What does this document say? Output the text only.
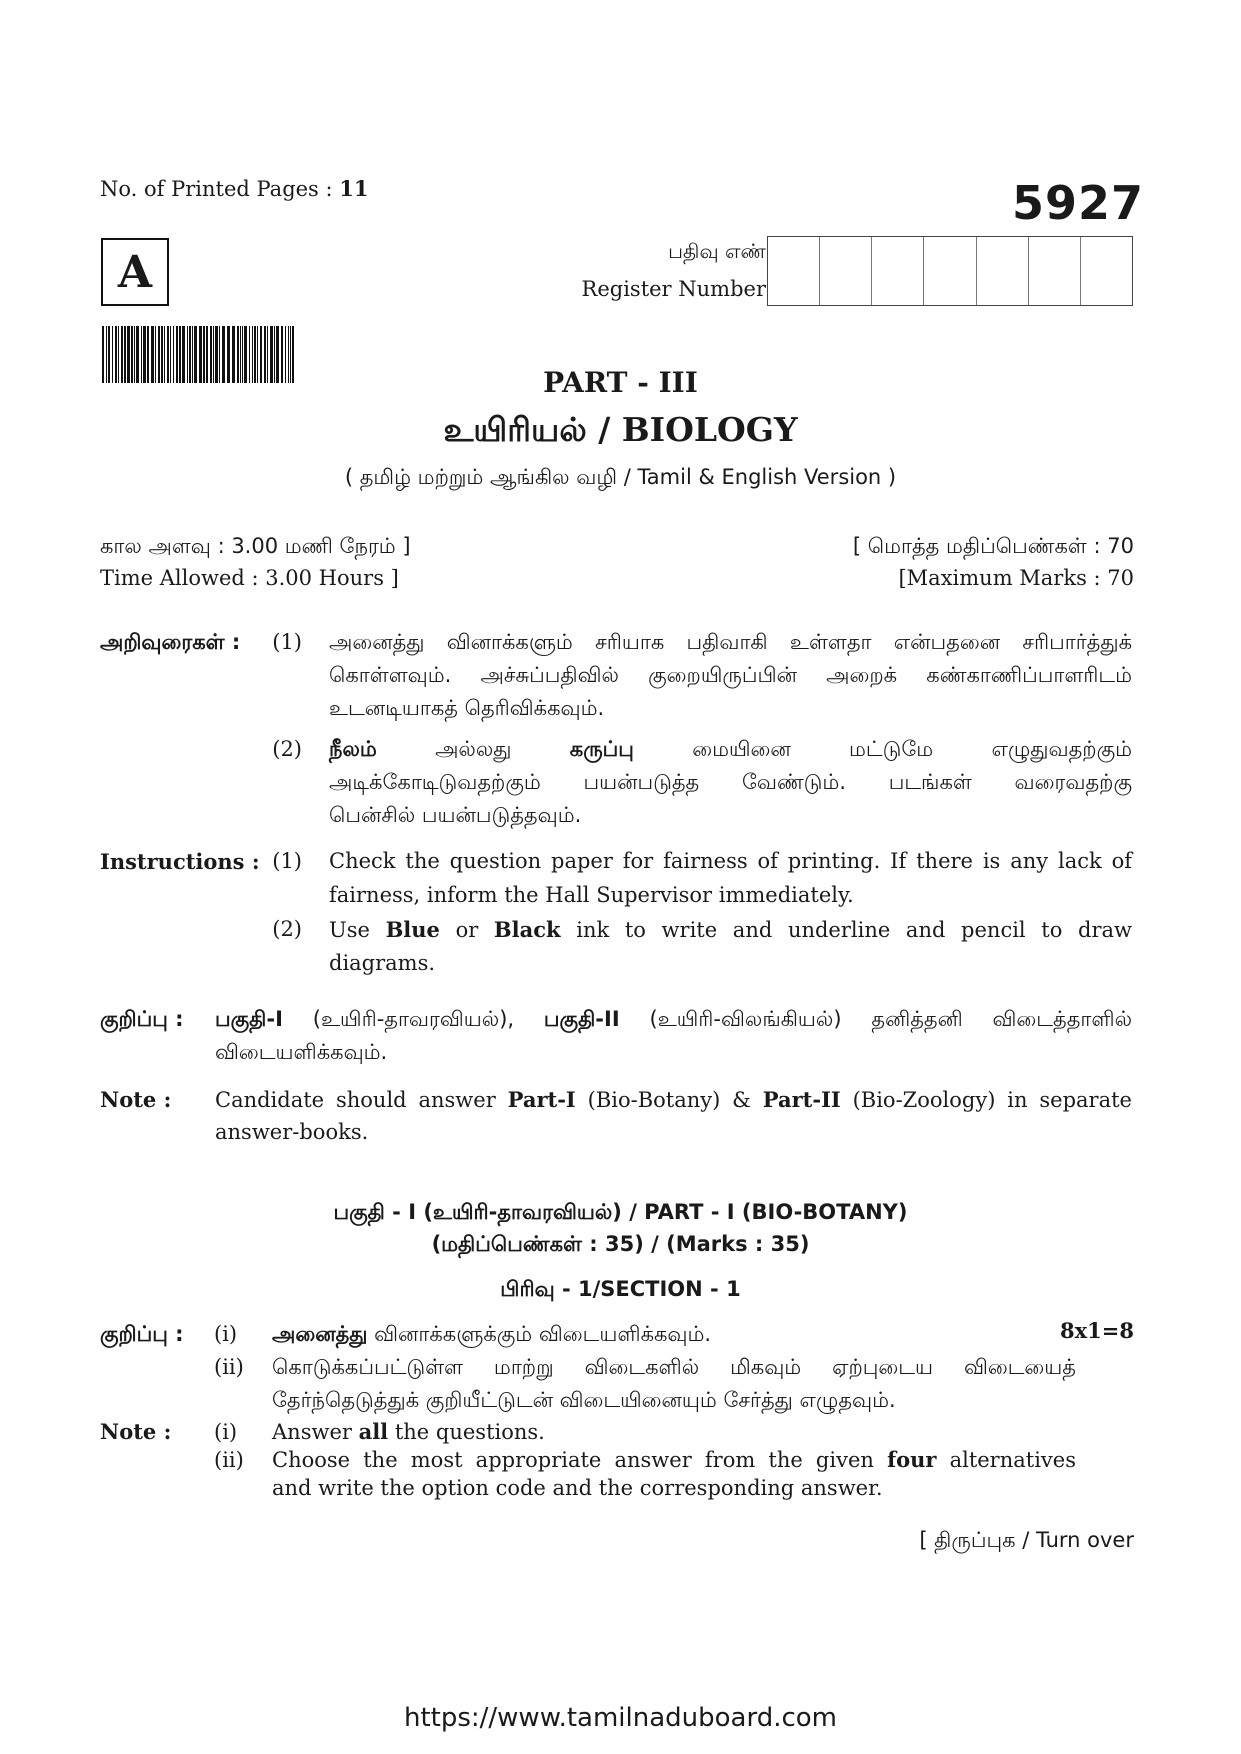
No. of Printed Pages : 11	5927
A	பதிவு எண்
Register Number
PART - III
உயிரியல் / BIOLOGY
( தமிழ் மற்றும் ஆங்கில வழி / Tamil & English Version )
கால அளவு : 3.00 மணி நேரம் ]
Time Allowed : 3.00 Hours ]
[ மொத்த மதிப்பெண்கள் : 70
[Maximum Marks : 70
அறிவுரைகள் :	(1) அனைத்து வினாக்களும் சரியாக பதிவாகி உள்ளதா என்பதனை சரிபார்த்துக்
கொள்ளவும். அச்சுப்பதிவில் குறையிருப்பின் அறைக் கண்காணிப்பாளரிடம்
உடனடியாகத் தெரிவிக்கவும்.
(2) நீலம் அல்லது கருப்பு மையினை மட்டுமே எழுதுவதற்கும்
அடிக்கோடிடுவதற்கும் பயன்படுத்த வேண்டும். படங்கள் வரைவதற்கு
பென்சில் பயன்படுத்தவும்.
Instructions : (1) Check the question paper for fairness of printing. If there is any lack of
fairness, inform the Hall Supervisor immediately.
(2) Use Blue or Black ink to write and underline and pencil to draw
diagrams.
குறிப்பு : பகுதி-I (உயிரி-தாவரவியல்), பகுதி-II (உயிரி-விலங்கியல்) தனித்தனி விடைத்தாளில்
விடையளிக்கவும்.
Note : Candidate should answer Part-I (Bio-Botany) & Part-II (Bio-Zoology) in separate
answer-books.
பகுதி - I (உயிரி-தாவரவியல்) / PART - I (BIO-BOTANY)
(மதிப்பெண்கள் : 35) / (Marks : 35)
பிரிவு - 1/SECTION - 1
குறிப்பு : (i) அனைத்து வினாக்களுக்கும் விடையளிக்கவும்.	8x1=8
(ii) கொடுக்கப்பட்டுள்ள மாற்று விடைகளில் மிகவும் ஏற்புடைய விடையைத்
தேர்ந்தெடுத்துக் குறியீட்டுடன் விடையினையும் சேர்த்து எழுதவும்.
Note : (i) Answer all the questions.
(ii) Choose the most appropriate answer from the given four alternatives
and write the option code and the corresponding answer.
[ திருப்புக / Turn over
https://www.tamilnaduboard.com
